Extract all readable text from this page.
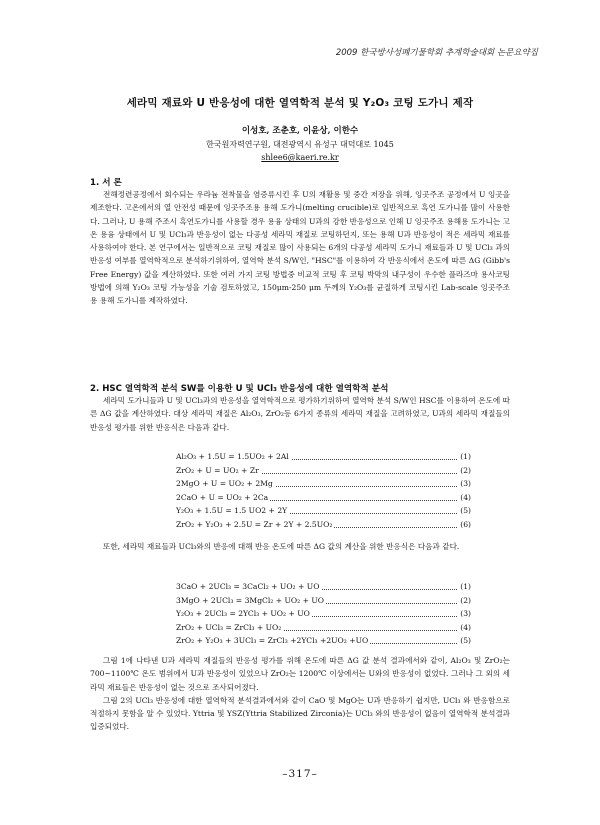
2009 한국방사성폐기물학회 추계학술대회 논문요약집
세라믹 재료와 U 반응성에 대한 열역학적 분석 및 Y₂O₃ 코팅 도가니 제작
이성호, 조춘호, 이윤상, 이한수
한국원자력연구원, 대전광역시 유성구 대덕대로 1045
shlee6@kaeri.re.kr
1. 서 론

전해정련공정에서 회수되는 우라늄 전착물을 염증류시킨 후 U의 재활용 및 중간 저장을 위해, 잉곳주조 공정에서 U 잉곳을 제조한다. 고온에서의 열 안전성 때문에 잉곳주조용 용해 도가니(melting crucible)로 일반적으로 흑연 도가니를 많이 사용한다. 그러나, U 용해 주조시 흑연도가니를 사용할 경우 용융 상태의 U과의 강한 반응성으로 인해 U 잉곳주조 용해용 도가니는 고온 용융 상태에서 U 및 UCl₃과 반응성이 없는 다공성 세라믹 재질로 코팅하던지, 또는 용해 U과 반응성이 적은 세라믹 재료를 사용하여야 한다. 본 연구에서는 일반적으로 코팅 재질로 많이 사용되는 6개의 다공성 세라믹 도가니 재료들과 U 및 UCl₃ 과의 반응성 여부를 열역학적으로 분석하기위하여, 열역학 분석 S/W인, "HSC"를 이용하여 각 반응식에서 온도에 따른 ΔG (Gibb's Free Energy) 값을 계산하였다. 또한 여러 가지 코팅 방법중 비교적 코팅 후 코팅 박막의 내구성이 우수한 플라즈마 용사코팅 방법에 의해 Y₂O₃ 코팅 가능성을 기술 검토하였고, 150μm-250 μm 두께의 Y₂O₃를 균질하게 코팅시킨 Lab-scale 잉곳주조용 용해 도가니를 제작하였다.

2. HSC 열역학적 분석 SW를 이용한 U 및 UCl₃ 반응성에 대한 열역학적 분석

세라믹 도가니들과 U 및 UCl₃과의 반응성을 열역학적으로 평가하기위하여 열역학 분석 S/W인 HSC를 이용하여 온도에 따른 ΔG 값을 계산하였다. 대상 세라믹 재질은 Al₂O₃, ZrO₂등 6가지 종류의 세라믹 재질을 고려하였고, U과의 세라믹 재질들의 반응성 평가를 위한 반응식은 다음과 같다.

Al₂O₃ + 1.5U = 1.5UO₂ + 2Al	(1)
ZrO₂ + U = UO₂ + Zr	(2)
2MgO + U = UO₂ + 2Mg	(3)
2CaO + U = UO₂ + 2Ca	(4)
Y₂O₃ + 1.5U = 1.5 UO2 + 2Y	(5)
ZrO₂ + Y₂O₃ + 2.5U = Zr + 2Y + 2.5UO₂	(6)

또한, 세라믹 재료들과 UCl₃와의 반응에 대해 반응 온도에 따른 ΔG 값의 계산을 위한 반응식은 다음과 같다.

3CaO + 2UCl₃ = 3CaCl₂ + UO₂ + UO	(1)
3MgO + 2UCl₃ = 3MgCl₂ + UO₂ + UO	(2)
Y₂O₃ + 2UCl₃ = 2YCl₃ + UO₂ + UO	(3)
ZrO₂ + UCl₃ = ZrCl₃ + UO₂	(4)
ZrO₂ + Y₂O₃ + 3UCl₃ = ZrCl₃ +2YCl₃ +2UO₂ +UO	(5)

그림 1에 나타낸 U과 세라믹 재질들의 반응성 평가를 위해 온도에 따른 ΔG 값 분석 결과에서와 같이, Al₂O₃ 및 ZrO₂는 700~1100℃ 온도 범위에서 U과 반응성이 있었으나 ZrO₂는 1200℃ 이상에서는 U와의 반응성이 없었다. 그러나 그 외의 세라믹 재료들은 반응성이 없는 것으로 조사되어졌다.

그림 2의 UCl₃ 반응성에 대한 열역학적 분석결과에서와 같이 CaO 및 MgO는 U과 반응하기 쉽지만, UCl₃ 와 반응함으로 적절하지 못함을 알 수 있었다. Yttria 및 YSZ(Yttria Stabilized Zirconia)는 UCl₃ 와의 반응성이 없음이 열역학적 분석결과 입증되었다.

–317–
